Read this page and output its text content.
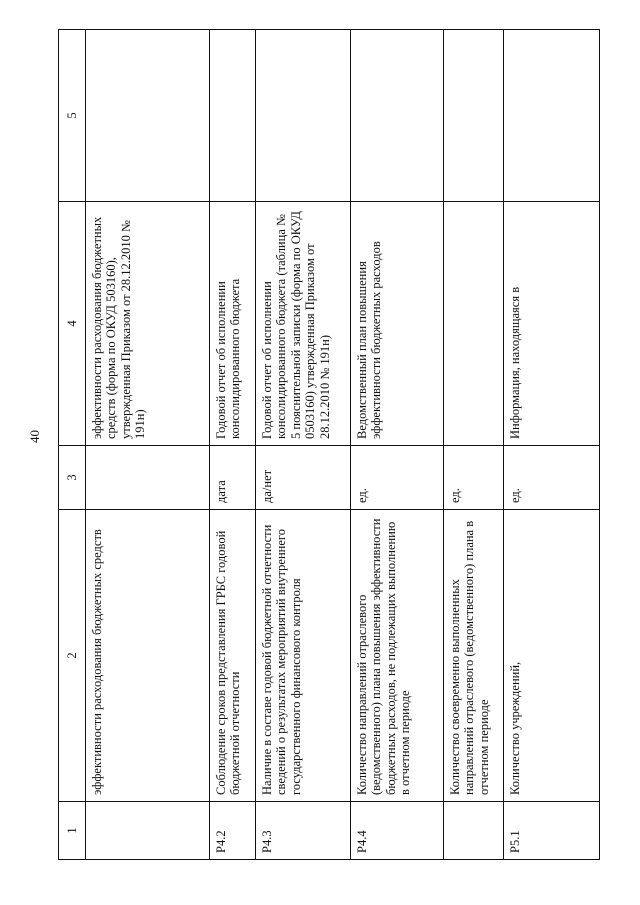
40
1	2	3	4	5
	эффективности расходования бюджетных средств		эффективности расходования бюджетных средств (форма по ОКУД 503160), утвержденная Приказом от 28.12.2010 № 191н)	
P4.2	Соблюдение сроков представления ГРБС годовой бюджетной отчетности	дата	Годовой отчет об исполнении консолидированного бюджета	
P4.3	Наличие в составе годовой бюджетной отчетности сведений о результатах мероприятий внутреннего государственного финансового контроля	да/нет	Годовой отчет об исполнении консолидированного бюджета (таблица № 5 пояснительной записки (форма по ОКУД 0503160) утвержденная Приказом от 28.12.2010 № 191н)	
P4.4	Количество направлений отраслевого (ведомственного) плана повышения эффективности бюджетных расходов, не подлежащих выполнению в отчетном периоде	ед.	Ведомственный план повышения эффективности бюджетных расходов	
	Количество своевременно выполненных направлений отраслевого (ведомственного) плана в отчетном периоде	ед.		
P5.1	Количество учреждений,	ед.	Информация, находящаяся в	
